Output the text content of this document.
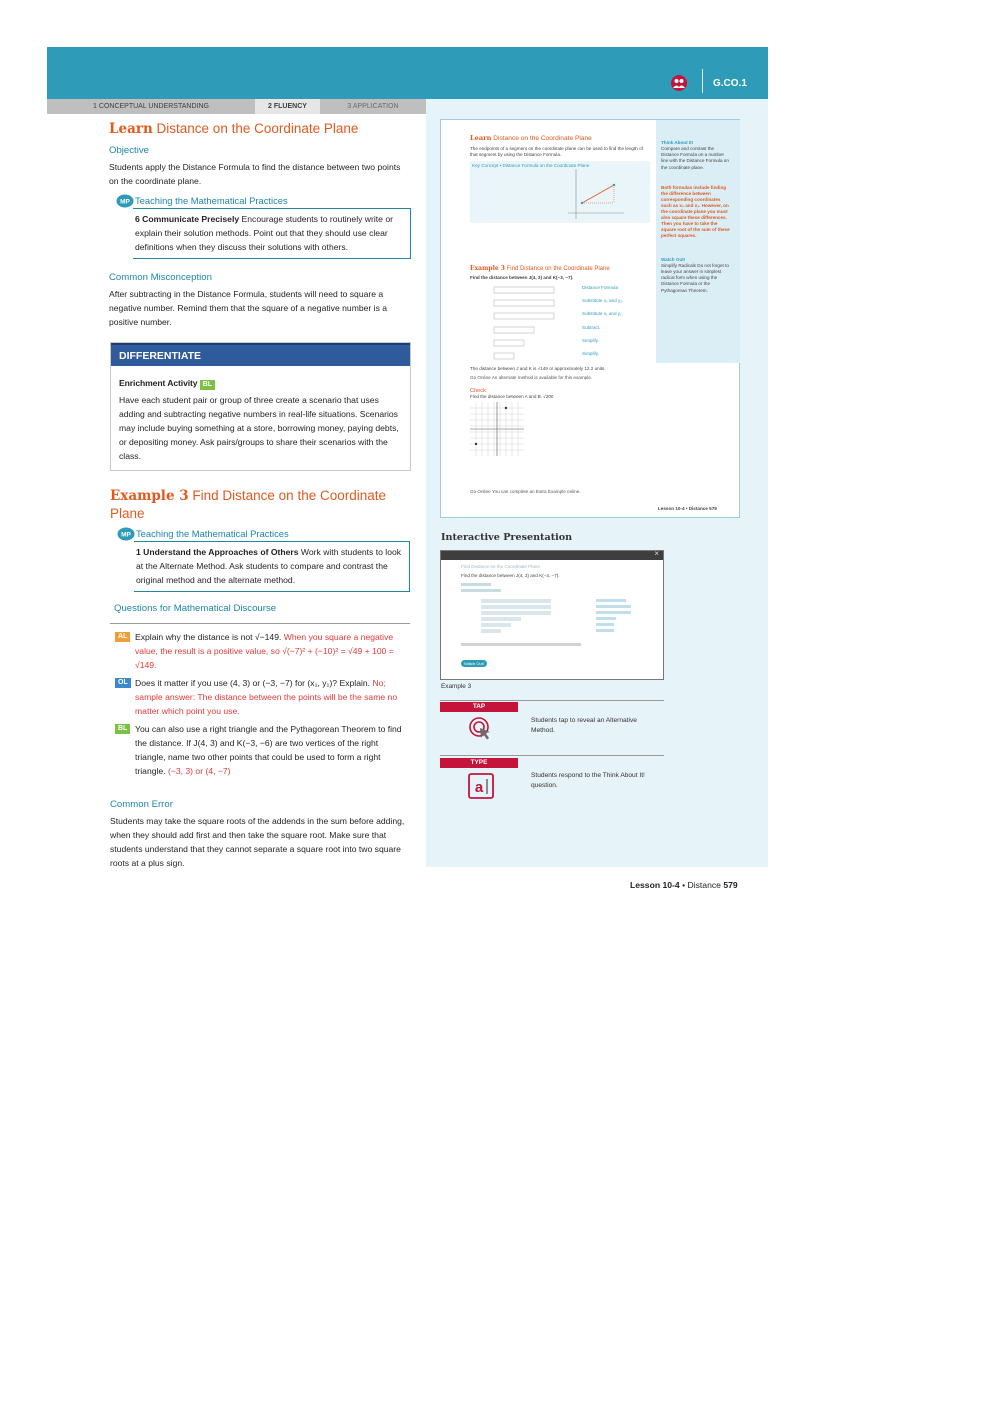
G.CO.1
1 CONCEPTUAL UNDERSTANDING	2 FLUENCY	3 APPLICATION
Learn Distance on the Coordinate Plane
Objective
Students apply the Distance Formula to find the distance between two points on the coordinate plane.
MP Teaching the Mathematical Practices
6 Communicate Precisely Encourage students to routinely write or explain their solution methods. Point out that they should use clear definitions when they discuss their solutions with others.
Common Misconception
After subtracting in the Distance Formula, students will need to square a negative number. Remind them that the square of a negative number is a positive number.
DIFFERENTIATE
Enrichment Activity BL
Have each student pair or group of three create a scenario that uses adding and subtracting negative numbers in real-life situations. Scenarios may include buying something at a store, borrowing money, paying debts, or depositing money. Ask pairs/groups to share their scenarios with the class.
Example 3 Find Distance on the Coordinate Plane
MP Teaching the Mathematical Practices
1 Understand the Approaches of Others Work with students to look at the Alternate Method. Ask students to compare and contrast the original method and the alternate method.
Questions for Mathematical Discourse
AL Explain why the distance is not √−149. When you square a negative value, the result is a positive value, so √(−7)² + (−10)² = √49 + 100 = √149.
OL Does it matter if you use (4, 3) or (−3, −7) for (x₁, y₁)? Explain. No; sample answer: The distance between the points will be the same no matter which point you use.
BL You can also use a right triangle and the Pythagorean Theorem to find the distance. If J(4, 3) and K(−3, −6) are two vertices of the right triangle, name two other points that could be used to form a right triangle. (−3, 3) or (4, −7)
Common Error
Students may take the square roots of the addends in the sum before adding, when they should add first and then take the square root. Make sure that students understand that they cannot separate a square root into two square roots at a plus sign.
Learn Distance on the Coordinate Plane
The endpoints of a segment on the coordinate plane can be used to find the length of that segment by using the Distance Formula.
Key Concept • Distance Formula on the Coordinate Plane
Example 3 Find Distance on the Coordinate Plane
Find the distance between J(4, 3) and K(−3, −7).
Distance Formula
Substitute x₂ and y₂.
Substitute x₁ and y₁.
Subtract.
Simplify.
Simplify.
The distance between J and K is √149 or approximately 12.2 units.
Go Online An alternate method is available for this example.
Check
Find the distance between A and B. √200
Go Online You can complete an Extra Example online.
Lesson 10-4 • Distance 579
Think About It!
Compare and contrast the Distance Formula on a number line with the Distance Formula on the coordinate plane.
Both formulas include finding the difference between corresponding coordinates such as x₂ and x₁. However, on the coordinate plane you must also square these differences. Then you have to take the square root of the sum of these perfect squares.
Watch Out!
Simplify Radicals Do not forget to leave your answer in simplest radical form when using the Distance Formula or the Pythagorean Theorem.
Interactive Presentation
×
Find Distance on the Coordinate Plane
Find the distance between J(4, 3) and K(−3, −7).
Watch Out!
Example 3
TAP
Students tap to reveal an Alternative Method.
TYPE
a
Students respond to the Think About It! question.
Lesson 10-4 • Distance 579
